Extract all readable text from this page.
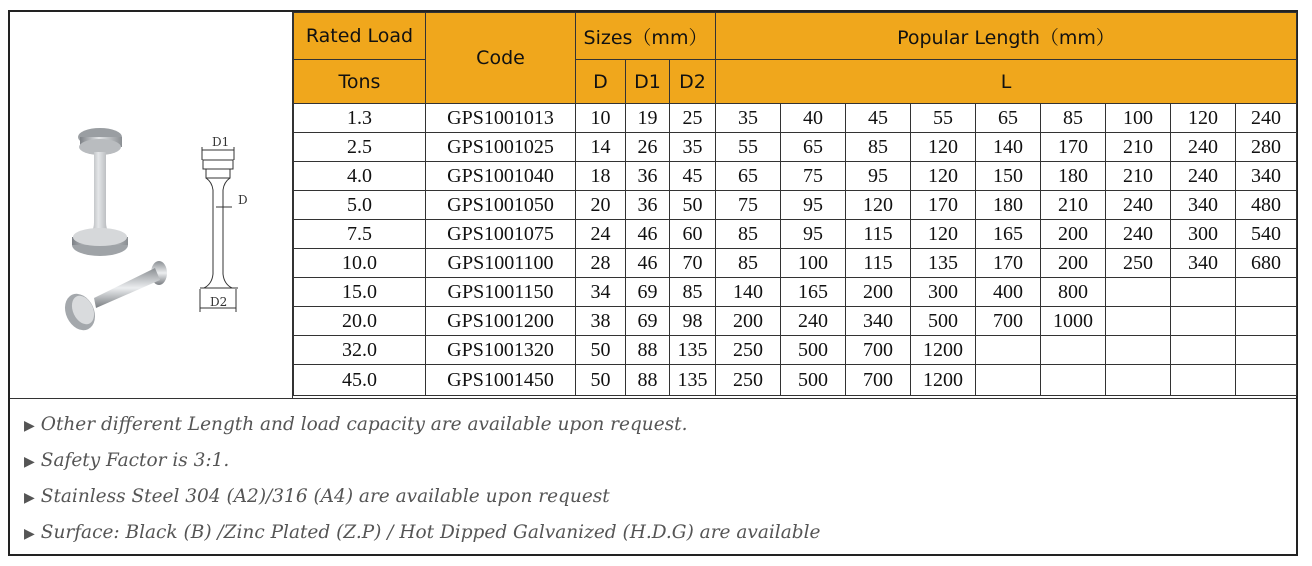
D1
D
D2
Rated Load	Code	Sizes（mm）			Popular Length（mm）								
Tons		D	D1	D2	L								
1.3	GPS1001013	10	19	25	35	40	45	55	65	85	100	120	240
2.5	GPS1001025	14	26	35	55	65	85	120	140	170	210	240	280
4.0	GPS1001040	18	36	45	65	75	95	120	150	180	210	240	340
5.0	GPS1001050	20	36	50	75	95	120	170	180	210	240	340	480
7.5	GPS1001075	24	46	60	85	95	115	120	165	200	240	300	540
10.0	GPS1001100	28	46	70	85	100	115	135	170	200	250	340	680
15.0	GPS1001150	34	69	85	140	165	200	300	400	800			
20.0	GPS1001200	38	69	98	200	240	340	500	700	1000			
32.0	GPS1001320	50	88	135	250	500	700	1200					
45.0	GPS1001450	50	88	135	250	500	700	1200					
▶ Other different Length and load capacity are available upon request.
▶ Safety Factor is 3:1.
▶ Stainless Steel 304 (A2)/316 (A4) are available upon request
▶ Surface: Black (B) /Zinc Plated (Z.P) / Hot Dipped Galvanized (H.D.G) are available
